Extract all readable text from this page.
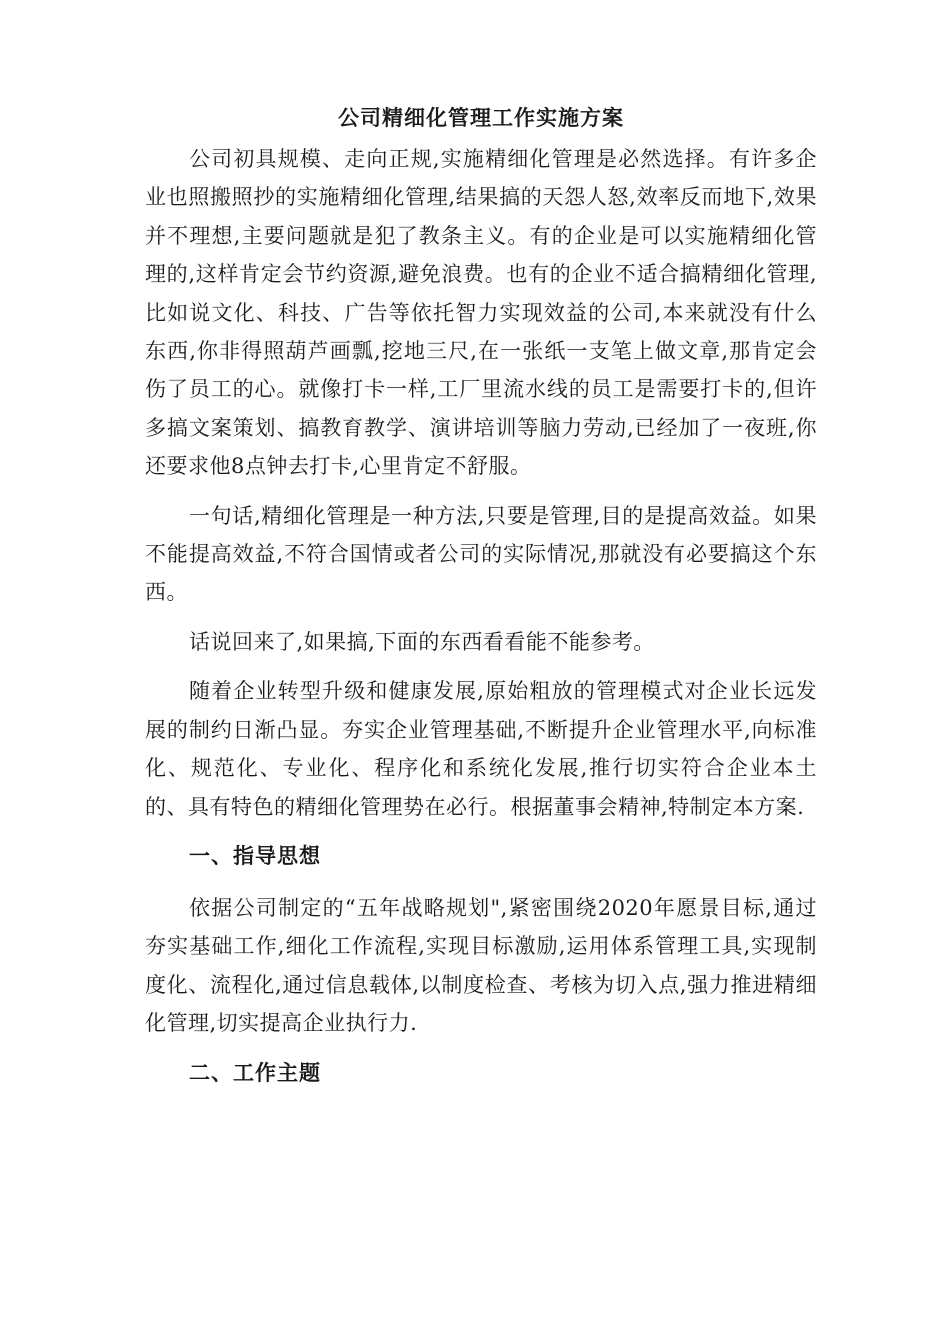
公司精细化管理工作实施方案

公司初具规模、走向正规,实施精细化管理是必然选择。有许多企业也照搬照抄的实施精细化管理,结果搞的天怨人怒,效率反而地下,效果并不理想,主要问题就是犯了教条主义。有的企业是可以实施精细化管理的,这样肯定会节约资源,避免浪费。也有的企业不适合搞精细化管理,比如说文化、科技、广告等依托智力实现效益的公司,本来就没有什么东西,你非得照葫芦画瓢,挖地三尺,在一张纸一支笔上做文章,那肯定会伤了员工的心。就像打卡一样,工厂里流水线的员工是需要打卡的,但许多搞文案策划、搞教育教学、演讲培训等脑力劳动,已经加了一夜班,你还要求他8点钟去打卡,心里肯定不舒服。

一句话,精细化管理是一种方法,只要是管理,目的是提高效益。如果不能提高效益,不符合国情或者公司的实际情况,那就没有必要搞这个东西。

话说回来了,如果搞,下面的东西看看能不能参考。

随着企业转型升级和健康发展,原始粗放的管理模式对企业长远发展的制约日渐凸显。夯实企业管理基础,不断提升企业管理水平,向标准化、规范化、专业化、程序化和系统化发展,推行切实符合企业本土的、具有特色的精细化管理势在必行。根据董事会精神,特制定本方案.

一、指导思想

依据公司制定的“五年战略规划",紧密围绕2020年愿景目标,通过夯实基础工作,细化工作流程,实现目标激励,运用体系管理工具,实现制度化、流程化,通过信息载体,以制度检查、考核为切入点,强力推进精细化管理,切实提高企业执行力.

二、工作主题
